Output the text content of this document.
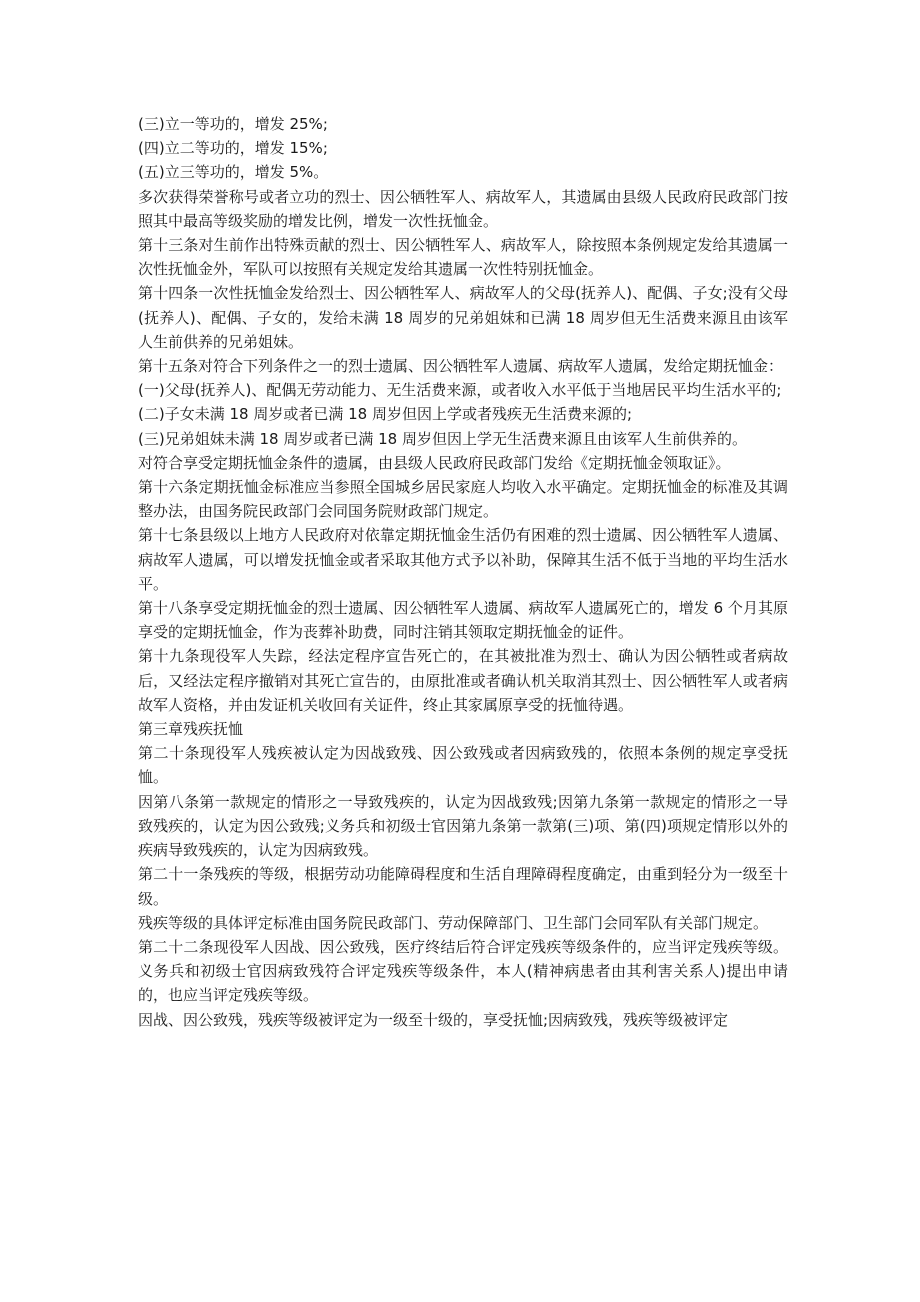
(三)立一等功的，增发 25%;

(四)立二等功的，增发 15%;

(五)立三等功的，增发 5%。

多次获得荣誉称号或者立功的烈士、因公牺牲军人、病故军人，其遗属由县级人民政府民政部门按照其中最高等级奖励的增发比例，增发一次性抚恤金。

第十三条对生前作出特殊贡献的烈士、因公牺牲军人、病故军人，除按照本条例规定发给其遗属一次性抚恤金外，军队可以按照有关规定发给其遗属一次性特别抚恤金。

第十四条一次性抚恤金发给烈士、因公牺牲军人、病故军人的父母(抚养人)、配偶、子女;没有父母(抚养人)、配偶、子女的，发给未满 18 周岁的兄弟姐妹和已满 18 周岁但无生活费来源且由该军人生前供养的兄弟姐妹。

第十五条对符合下列条件之一的烈士遗属、因公牺牲军人遗属、病故军人遗属，发给定期抚恤金：

(一)父母(抚养人)、配偶无劳动能力、无生活费来源，或者收入水平低于当地居民平均生活水平的;

(二)子女未满 18 周岁或者已满 18 周岁但因上学或者残疾无生活费来源的;

(三)兄弟姐妹未满 18 周岁或者已满 18 周岁但因上学无生活费来源且由该军人生前供养的。

对符合享受定期抚恤金条件的遗属，由县级人民政府民政部门发给《定期抚恤金领取证》。

第十六条定期抚恤金标准应当参照全国城乡居民家庭人均收入水平确定。定期抚恤金的标准及其调整办法，由国务院民政部门会同国务院财政部门规定。

第十七条县级以上地方人民政府对依靠定期抚恤金生活仍有困难的烈士遗属、因公牺牲军人遗属、病故军人遗属，可以增发抚恤金或者采取其他方式予以补助，保障其生活不低于当地的平均生活水平。

第十八条享受定期抚恤金的烈士遗属、因公牺牲军人遗属、病故军人遗属死亡的，增发 6 个月其原享受的定期抚恤金，作为丧葬补助费，同时注销其领取定期抚恤金的证件。

第十九条现役军人失踪，经法定程序宣告死亡的，在其被批准为烈士、确认为因公牺牲或者病故后，又经法定程序撤销对其死亡宣告的，由原批准或者确认机关取消其烈士、因公牺牲军人或者病故军人资格，并由发证机关收回有关证件，终止其家属原享受的抚恤待遇。

第三章残疾抚恤

第二十条现役军人残疾被认定为因战致残、因公致残或者因病致残的，依照本条例的规定享受抚恤。

因第八条第一款规定的情形之一导致残疾的，认定为因战致残;因第九条第一款规定的情形之一导致残疾的，认定为因公致残;义务兵和初级士官因第九条第一款第(三)项、第(四)项规定情形以外的疾病导致残疾的，认定为因病致残。

第二十一条残疾的等级，根据劳动功能障碍程度和生活自理障碍程度确定，由重到轻分为一级至十级。

残疾等级的具体评定标准由国务院民政部门、劳动保障部门、卫生部门会同军队有关部门规定。

第二十二条现役军人因战、因公致残，医疗终结后符合评定残疾等级条件的，应当评定残疾等级。义务兵和初级士官因病致残符合评定残疾等级条件，本人(精神病患者由其利害关系人)提出申请的，也应当评定残疾等级。

因战、因公致残，残疾等级被评定为一级至十级的，享受抚恤;因病致残，残疾等级被评定
